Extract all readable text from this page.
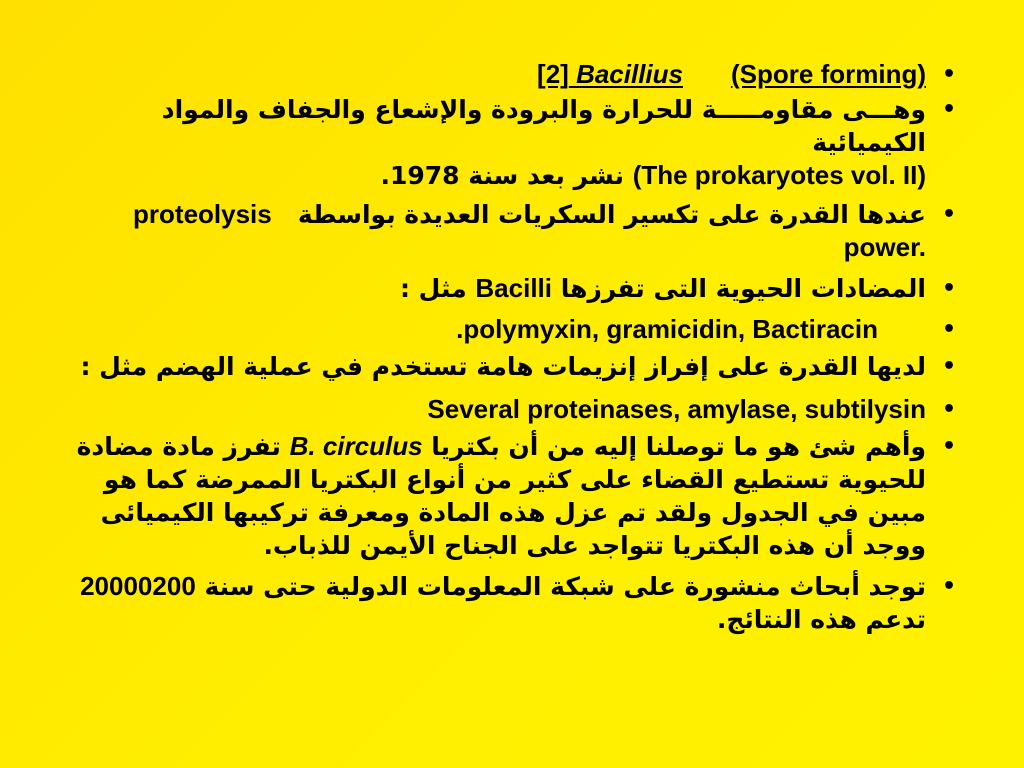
[2] Bacillius (Spore forming) •
وهـــى مقاومـــــة للحرارة والبرودة والإشعاع والجفاف والمواد الكيميائية
(The prokaryotes vol. II) نشر بعد سنة 1978.
•
عندها القدرة على تكسير السكريات العديدة بواسطة   proteolysis
power.
•
المضادات الحيوية التى تفرزها Bacilli مثل :	•
.polymyxin, gramicidin, Bactiracin	•
لديها القدرة على إفراز إنزيمات هامة تستخدم في عملية الهضم مثل : •
Several proteinases, amylase, subtilysin •
وأهم شئ هو ما توصلنا إليه من أن بكتريا B. circulus تفرز مادة مضادة للحيوية تستطيع القضاء على كثير من أنواع البكتريا الممرضة كما هو مبين في الجدول ولقد تم عزل هذه المادة ومعرفة تركيبها الكيميائى ووجد أن هذه البكتريا تتواجد على الجناح الأيمن للذباب.
•
توجد أبحاث منشورة على شبكة المعلومات الدولية حتى سنة 20000200
تدعم هذه النتائج.
•
